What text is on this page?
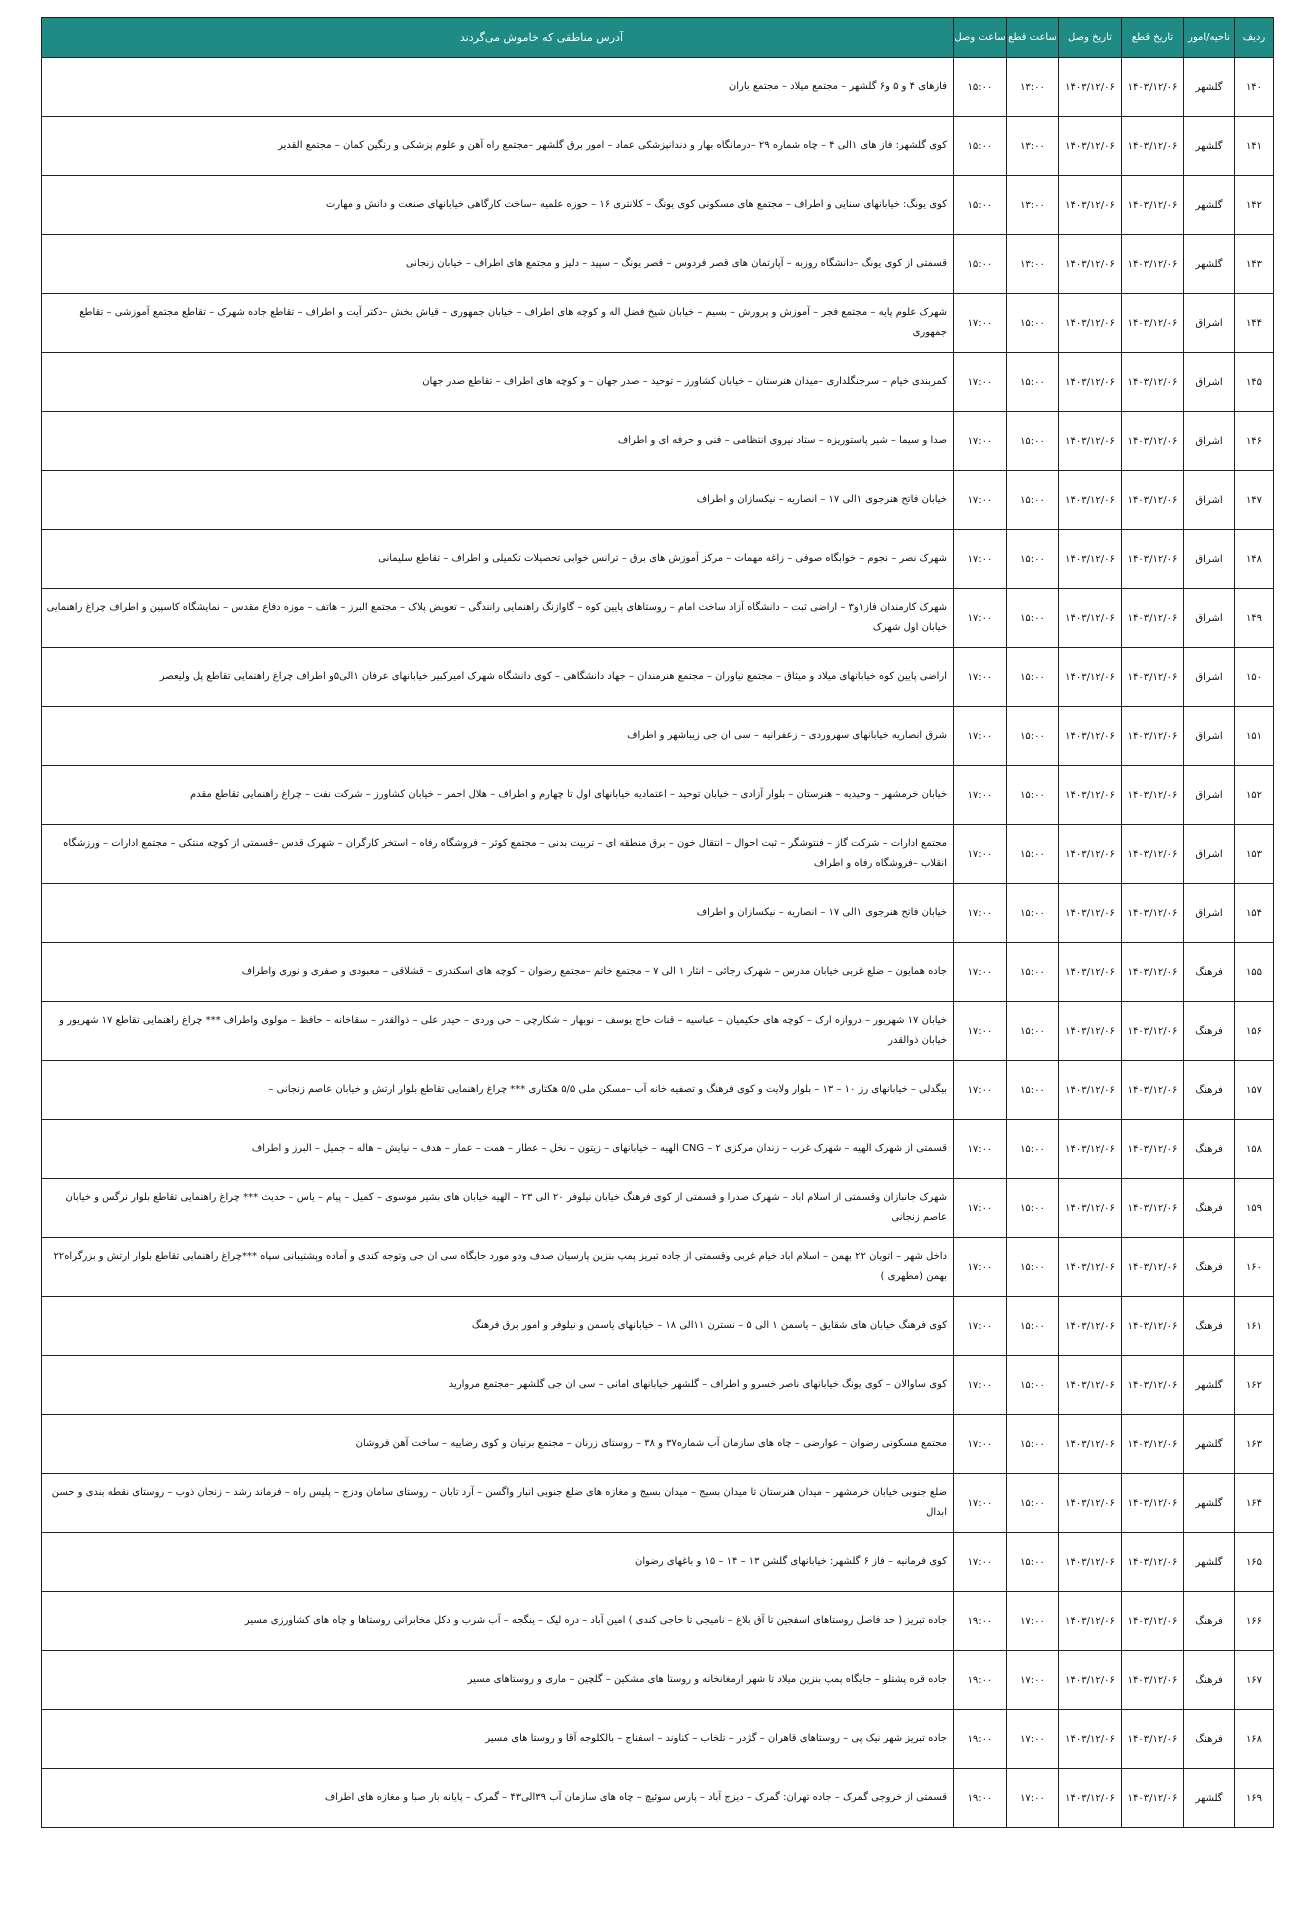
ردیف	ناحیه/امور	تاریخ قطع	تاریخ وصل	ساعت قطع	ساعت وصل	آدرس مناطقی که خاموش می‌گردند
۱۴۰	گلشهر	۱۴۰۳/۱۲/۰۶	۱۴۰۳/۱۲/۰۶	۱۳:۰۰	۱۵:۰۰	فازهای ۴ و ۵ و۶ گلشهر – مجتمع میلاد – مجتمع باران
۱۴۱	گلشهر	۱۴۰۳/۱۲/۰۶	۱۴۰۳/۱۲/۰۶	۱۳:۰۰	۱۵:۰۰	کوی گلشهر: فاز های ۱الی ۴ – چاه شماره ۲۹ –درمانگاه بهار و دندانپزشکی عماد – امور برق گلشهر –مجتمع راه آهن و علوم پزشکی و رنگین کمان – مجتمع القدیر
۱۴۲	گلشهر	۱۴۰۳/۱۲/۰۶	۱۴۰۳/۱۲/۰۶	۱۳:۰۰	۱۵:۰۰	کوی یونگ: خیابانهای سنایی و اطراف – مجتمع های مسکونی کوی یونگ – کلانتری ۱۶ – حوزه علمیه –ساخت کارگاهی خیابانهای صنعت و دانش و مهارت
۱۴۳	گلشهر	۱۴۰۳/۱۲/۰۶	۱۴۰۳/۱۲/۰۶	۱۳:۰۰	۱۵:۰۰	قسمتی از کوی یونگ –دانشگاه روزبه – آپارتمان های قصر فردوس – قصر یونگ – سپید – دلیز و مجتمع های اطراف – خیابان زنجانی
۱۴۴	اشراق	۱۴۰۳/۱۲/۰۶	۱۴۰۳/۱۲/۰۶	۱۵:۰۰	۱۷:۰۰	شهرک علوم پایه – مجتمع فجر – آموزش و پرورش – بسیم – خیابان شیخ فضل اله و کوچه های اطراف – خیابان جمهوری – قیاش بخش –دکتر آیت و اطراف – تقاطع جاده شهرک – تقاطع مجتمع آموزشی – تقاطع جمهوری
۱۴۵	اشراق	۱۴۰۳/۱۲/۰۶	۱۴۰۳/۱۲/۰۶	۱۵:۰۰	۱۷:۰۰	کمربندی خیام – سرجنگلداری –میدان هنرستان – خیابان کشاورز – توحید – صدر جهان – و کوچه های اطراف – تقاطع صدر جهان
۱۴۶	اشراق	۱۴۰۳/۱۲/۰۶	۱۴۰۳/۱۲/۰۶	۱۵:۰۰	۱۷:۰۰	صدا و سیما – شیر پاستوریزه – ستاد نیروی انتظامی – فنی و حرفه ای و اطراف
۱۴۷	اشراق	۱۴۰۳/۱۲/۰۶	۱۴۰۳/۱۲/۰۶	۱۵:۰۰	۱۷:۰۰	خیابان فاتح هنرجوی ۱الی ۱۷ – انصاریه – نیکسازان و اطراف
۱۴۸	اشراق	۱۴۰۳/۱۲/۰۶	۱۴۰۳/۱۲/۰۶	۱۵:۰۰	۱۷:۰۰	شهرک نصر – نجوم – خوابگاه صوفی – زاغه مهمات – مرکز آموزش های برق – ترانس خوابی تحصیلات تکمیلی و اطراف – تقاطع سلیمانی
۱۴۹	اشراق	۱۴۰۳/۱۲/۰۶	۱۴۰۳/۱۲/۰۶	۱۵:۰۰	۱۷:۰۰	شهرک کارمندان فاز۱و۳ – اراضی ثبت – دانشگاه آزاد ساخت امام – روستاهای پایین کوه – گاوازنگ راهنمایی رانندگی – تعویض پلاک – مجتمع البرز – هاتف – موزه دفاع مقدس – نمایشگاه کاسپین و اطراف چراغ راهنمایی خیابان اول شهرک
۱۵۰	اشراق	۱۴۰۳/۱۲/۰۶	۱۴۰۳/۱۲/۰۶	۱۵:۰۰	۱۷:۰۰	اراضی پایین کوه خیابانهای میلاد و میثاق – مجتمع نیاوران – مجتمع هنرمندان – جهاد دانشگاهی – کوی دانشگاه شهرک امیرکبیر خیابانهای عرفان ۱الی۵و اطراف چراغ راهنمایی تقاطع پل ولیعصر
۱۵۱	اشراق	۱۴۰۳/۱۲/۰۶	۱۴۰۳/۱۲/۰۶	۱۵:۰۰	۱۷:۰۰	شرق انصاریه خیابانهای سهروردی – زعفرانیه – سی ان جی زیباشهر و اطراف
۱۵۲	اشراق	۱۴۰۳/۱۲/۰۶	۱۴۰۳/۱۲/۰۶	۱۵:۰۰	۱۷:۰۰	خیابان خرمشهر – وحیدیه – هنرستان – بلوار آزادی – خیابان توحید – اعتمادیه خیابانهای اول تا چهارم و اطراف – هلال احمر – خیابان کشاورز – شرکت نفت – چراغ راهنمایی تقاطع مقدم
۱۵۳	اشراق	۱۴۰۳/۱۲/۰۶	۱۴۰۳/۱۲/۰۶	۱۵:۰۰	۱۷:۰۰	مجتمع ادارات – شرکت گاز – فنتوشگر – ثبت احوال – انتقال خون – برق منطقه ای – تربیت بدنی – مجتمع کوثر – فروشگاه رفاه – استخر کارگران – شهرک قدس –قسمتی از کوچه منتکی – مجتمع ادارات – ورزشگاه انقلاب –فروشگاه رفاه و اطراف
۱۵۴	اشراق	۱۴۰۳/۱۲/۰۶	۱۴۰۳/۱۲/۰۶	۱۵:۰۰	۱۷:۰۰	خیابان فاتح هنرجوی ۱الی ۱۷ – انصاریه – نیکسازان و اطراف
۱۵۵	فرهنگ	۱۴۰۳/۱۲/۰۶	۱۴۰۳/۱۲/۰۶	۱۵:۰۰	۱۷:۰۰	جاده همایون – ضلع غربی خیابان مدرس – شهرک رجائی – انثار ۱ الی ۷ – مجتمع خاتم –مجتمع رضوان – کوچه های اسکندری – قشلاقی – معبودی و صفری و نوری واطراف
۱۵۶	فرهنگ	۱۴۰۳/۱۲/۰۶	۱۴۰۳/۱۲/۰۶	۱۵:۰۰	۱۷:۰۰	خیابان ۱۷ شهریور – دروازه ارک – کوچه های حکیمیان – عباسیه – قنات حاج یوسف – نوبهار – شکارچی – حی وردی – حیدر علی – ذوالقدر – سقاخانه – حافظ – مولوی واطراف *** چراغ راهنمایی تقاطع ۱۷ شهریور و خیابان ذوالقدر
۱۵۷	فرهنگ	۱۴۰۳/۱۲/۰۶	۱۴۰۳/۱۲/۰۶	۱۵:۰۰	۱۷:۰۰	بیگدلی – خیابانهای رز ۱۰ – ۱۳ – بلوار ولایت و کوی فرهنگ و تصفیه خانه آب –مسکن ملی ۵/۵ هکتاری *** چراغ راهنمایی تقاطع بلوار ارتش و خیابان عاصم زنجانی –
۱۵۸	فرهنگ	۱۴۰۳/۱۲/۰۶	۱۴۰۳/۱۲/۰۶	۱۵:۰۰	۱۷:۰۰	قسمتی از شهرک الهیه – شهرک غرب – زندان مرکزی ۲ – CNG الهیه – خیابانهای – زیتون – نخل – عطار – همت – عمار – هدف – نیایش – هاله – جمیل – البرز و اطراف
۱۵۹	فرهنگ	۱۴۰۳/۱۲/۰۶	۱۴۰۳/۱۲/۰۶	۱۵:۰۰	۱۷:۰۰	شهرک جانبازان وقسمتی از اسلام اباد – شهرک صدرا و قسمتی از کوی فرهنگ خیابان نیلوفر ۲۰ الی ۲۳ – الهیه خیابان های بشیر موسوی – کمیل – پیام – یاس – حدیث *** چراغ راهنمایی تقاطع بلوار نرگس و خیابان عاصم زنجانی
۱۶۰	فرهنگ	۱۴۰۳/۱۲/۰۶	۱۴۰۳/۱۲/۰۶	۱۵:۰۰	۱۷:۰۰	داخل شهر – اتوبان ۲۲ بهمن – اسلام اباد خیام غربی وقسمتی از جاده تبریز پمپ بنزین پارسیان صدف ودو مورد جایگاه سی ان جی وتوجه کندی و آماده وپشتیبانی سپاه ***چراغ راهنمایی تقاطع بلوار ارتش و بزرگراه۲۲ بهمن (مطهری )
۱۶۱	فرهنگ	۱۴۰۳/۱۲/۰۶	۱۴۰۳/۱۲/۰۶	۱۵:۰۰	۱۷:۰۰	کوی فرهنگ خیابان های شقایق – یاسمن ۱ الی ۵ – نسترن ۱۱الی ۱۸ – خیابانهای یاسمن و نیلوفر و امور برق فرهنگ
۱۶۲	گلشهر	۱۴۰۳/۱۲/۰۶	۱۴۰۳/۱۲/۰۶	۱۵:۰۰	۱۷:۰۰	کوی ساوالان – کوی یونگ خیابانهای ناصر خسرو و اطراف – گلشهر خیابانهای امانی – سی ان جی گلشهر –مجتمع مروارید
۱۶۳	گلشهر	۱۴۰۳/۱۲/۰۶	۱۴۰۳/۱۲/۰۶	۱۵:۰۰	۱۷:۰۰	مجتمع مسکونی رضوان – عوارضی – چاه های سازمان آب شماره۳۷ و ۳۸ – روستای زرنان – مجتمع برنیان و کوی رضاییه – ساخت آهن فروشان
۱۶۴	گلشهر	۱۴۰۳/۱۲/۰۶	۱۴۰۳/۱۲/۰۶	۱۵:۰۰	۱۷:۰۰	ضلع جنوبی خیابان خرمشهر – میدان هنرستان تا میدان بسیج – میدان بسیج و مغازه های ضلع جنوبی انبار واگسن – آرد تابان – روستای سامان ودزج – پلیس راه – فرماند رشد – زنجان ذوب – روستای نقطه بندی و حسن ابدال
۱۶۵	گلشهر	۱۴۰۳/۱۲/۰۶	۱۴۰۳/۱۲/۰۶	۱۵:۰۰	۱۷:۰۰	کوی فرمانیه – فاز ۶ گلشهر: خیابانهای گلشن ۱۳ – ۱۴ – ۱۵ و باغهای رضوان
۱۶۶	فرهنگ	۱۴۰۳/۱۲/۰۶	۱۴۰۳/۱۲/۰۶	۱۷:۰۰	۱۹:۰۰	جاده تبریز ( حد فاصل روستاهای اسفجین تا آق بلاغ – نامیجی تا حاجی کندی ) امین آباد – دره لیک – ینگجه – آب شرب و دکل مخابراتی روستاها و چاه های کشاورزی مسیر
۱۶۷	فرهنگ	۱۴۰۳/۱۲/۰۶	۱۴۰۳/۱۲/۰۶	۱۷:۰۰	۱۹:۰۰	جاده قره پشتلو – جایگاه پمپ بنزین میلاد تا شهر ارمغانخانه و روستا های مشکین – گلچین – ماری و روستاهای مسیر
۱۶۸	فرهنگ	۱۴۰۳/۱۲/۰۶	۱۴۰۳/۱۲/۰۶	۱۷:۰۰	۱۹:۰۰	جاده تبریز شهر نیک پی – روستاهای قاهران – گژدر – تلخاب – کناوند – اسفناج – بالکلوجه آقا و روستا های مسیر
۱۶۹	گلشهر	۱۴۰۳/۱۲/۰۶	۱۴۰۳/۱۲/۰۶	۱۷:۰۰	۱۹:۰۰	قسمتی از خروجی گمرک – جاده تهران: گمرک – دیزج آباد – پارس سوئیچ – چاه های سازمان آب ۳۹الی۴۳ – گمرک – پایانه بار صبا و مغازه های اطراف
